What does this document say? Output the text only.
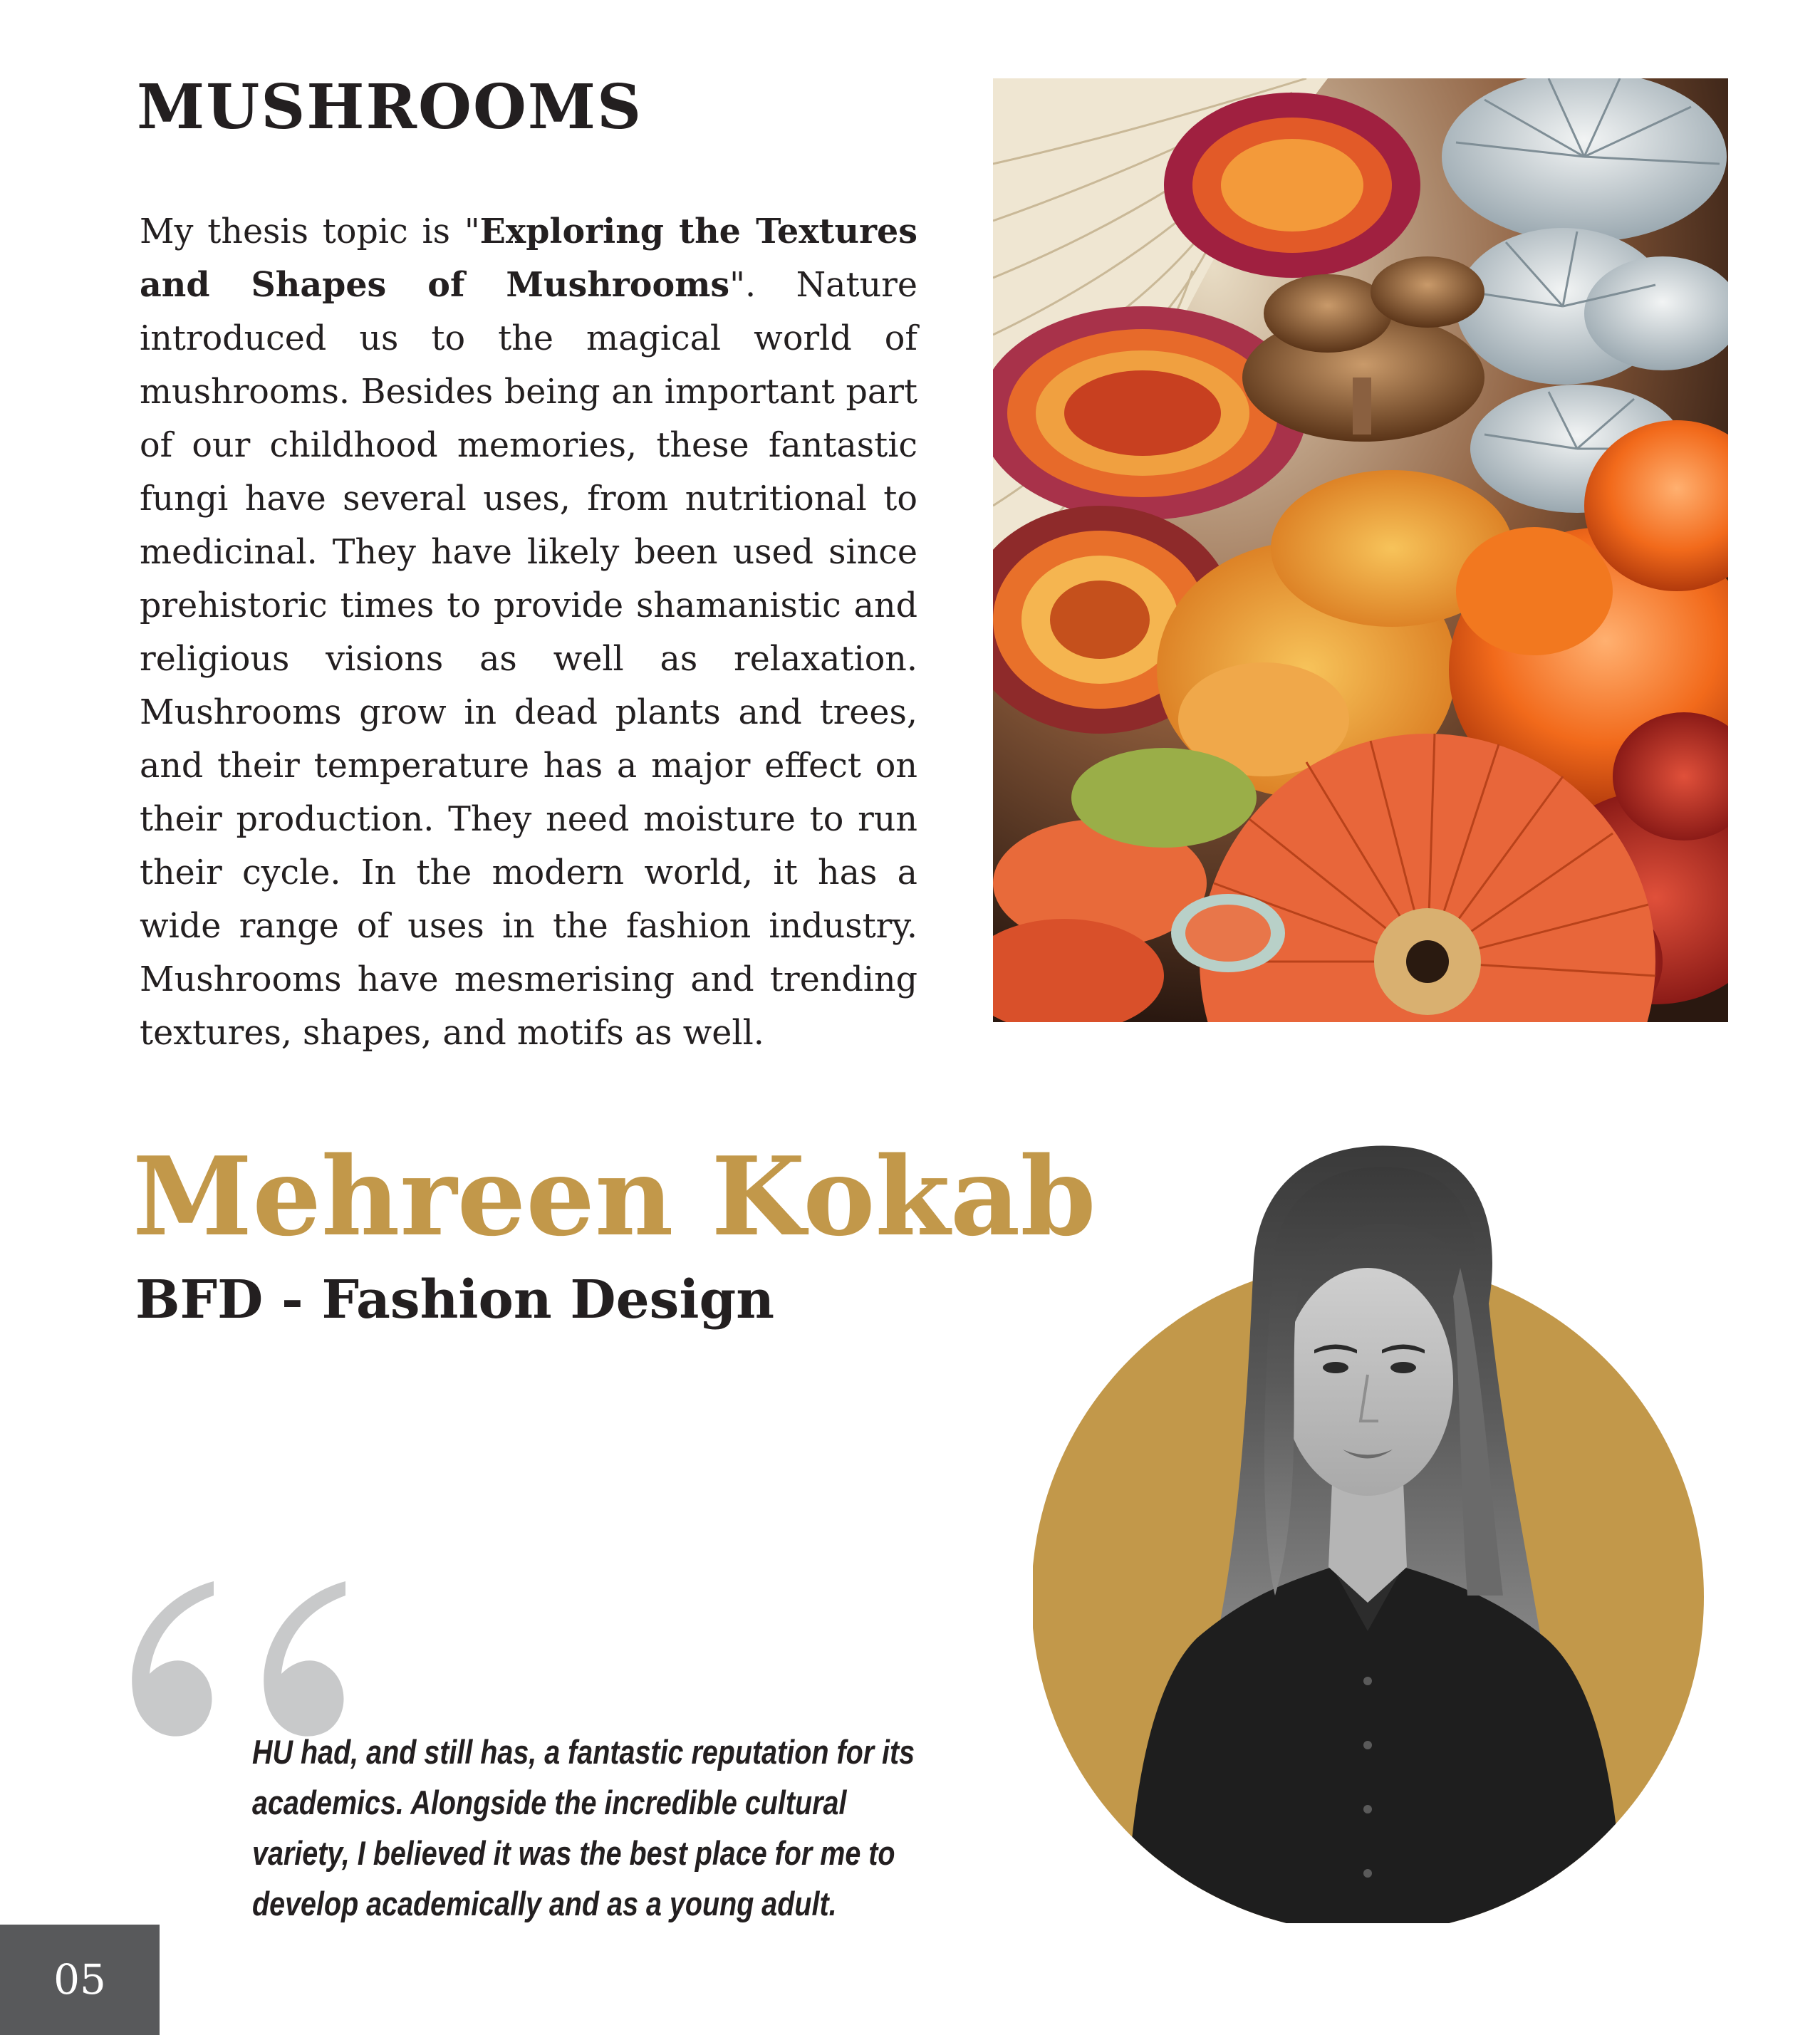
MUSHROOMS

My thesis topic is "Exploring the Textures and Shapes of Mushrooms". Nature introduced us to the magical world of mushrooms. Besides being an important part of our childhood memories, these fantastic fungi have several uses, from nutritional to medicinal. They have likely been used since prehistoric times to provide shamanistic and religious visions as well as relaxation. Mushrooms grow in dead plants and trees, and their temperature has a major effect on their production. They need moisture to run their cycle. In the modern world, it has a wide range of uses in the fashion industry. Mushrooms have mesmerising and trending textures, shapes, and motifs as well.

Mehreen Kokab
BFD - Fashion Design

HU had, and still has, a fantastic reputation for its academics. Alongside the incredible cultural variety, I believed it was the best place for me to develop academically and as a young adult.

05
